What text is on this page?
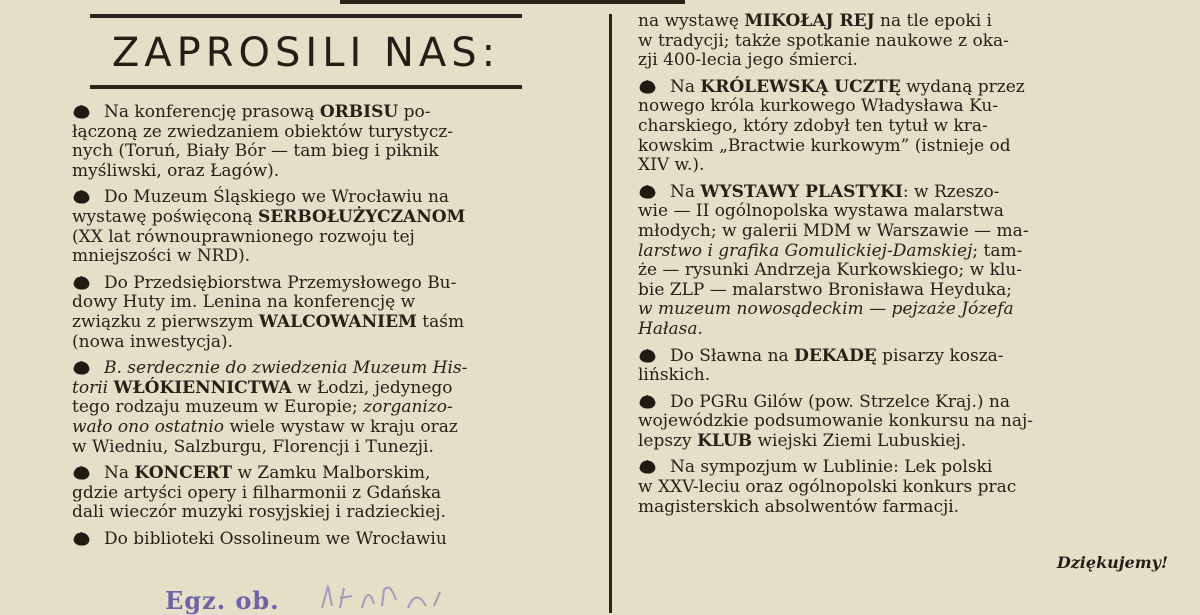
ZAPROSILI NAS:
Na konferencję prasową ORBISU po-
łączoną ze zwiedzaniem obiektów turystycz-
nych (Toruń, Biały Bór — tam bieg i piknik
myśliwski, oraz Łagów).
Do Muzeum Śląskiego we Wrocławiu na
wystawę poświęconą SERBOŁUŻYCZANOM
(XX lat równouprawnionego rozwoju tej
mniejszości w NRD).
Do Przedsiębiorstwa Przemysłowego Bu-
dowy Huty im. Lenina na konferencję w
związku z pierwszym WALCOWANIEM taśm
(nowa inwestycja).
B. serdecznie do zwiedzenia Muzeum His-
torii WŁÓKIENNICTWA w Łodzi, jedynego
tego rodzaju muzeum w Europie; zorganizo-
wało ono ostatnio wiele wystaw w kraju oraz
w Wiedniu, Salzburgu, Florencji i Tunezji.
Na KONCERT w Zamku Malborskim,
gdzie artyści opery i filharmonii z Gdańska
dali wieczór muzyki rosyjskiej i radzieckiej.
Do biblioteki Ossolineum we Wrocławiu
na wystawę MIKOŁAJ REJ na tle epoki i
w tradycji; także spotkanie naukowe z oka-
zji 400-lecia jego śmierci.
Na KRÓLEWSKĄ UCZTĘ wydaną przez
nowego króla kurkowego Władysława Ku-
charskiego, który zdobył ten tytuł w kra-
kowskim „Bractwie kurkowym” (istnieje od
XIV w.).
Na WYSTAWY PLASTYKI: w Rzeszo-
wie — II ogólnopolska wystawa malarstwa
młodych; w galerii MDM w Warszawie — ma-
larstwo i grafika Gomulickiej-Damskiej; tam-
że — rysunki Andrzeja Kurkowskiego; w klu-
bie ZLP — malarstwo Bronisława Heyduka;
w muzeum nowosądeckim — pejzaże Józefa
Hałasa.
Do Sławna na DEKADĘ pisarzy kosza-
lińskich.
Do PGRu Gilów (pow. Strzelce Kraj.) na
wojewódzkie podsumowanie konkursu na naj-
lepszy KLUB wiejski Ziemi Lubuskiej.
Na sympozjum w Lublinie: Lek polski
w XXV-leciu oraz ogólnopolski konkurs prac
magisterskich absolwentów farmacji.
Dziękujemy!
Egz. ob.
